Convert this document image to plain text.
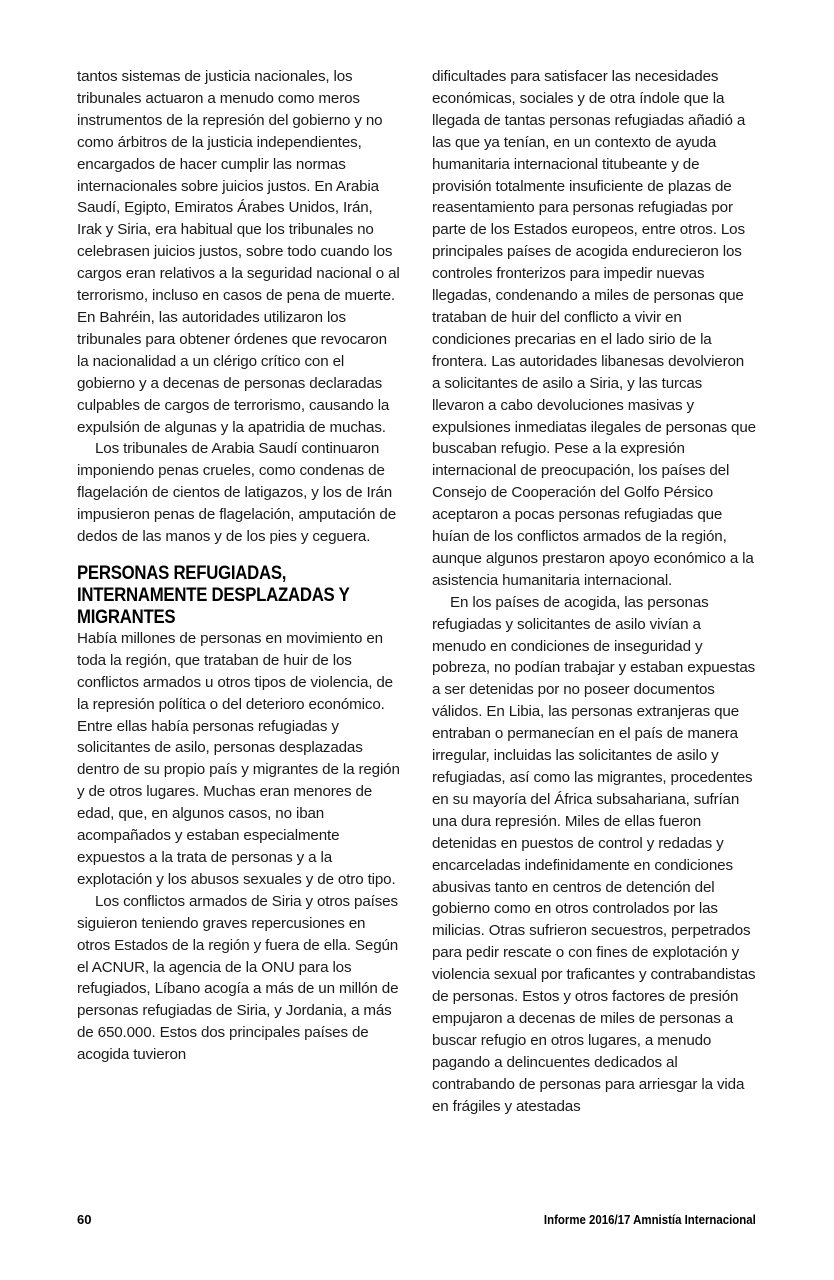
tantos sistemas de justicia nacionales, los tribunales actuaron a menudo como meros instrumentos de la represión del gobierno y no como árbitros de la justicia independientes, encargados de hacer cumplir las normas internacionales sobre juicios justos. En Arabia Saudí, Egipto, Emiratos Árabes Unidos, Irán, Irak y Siria, era habitual que los tribunales no celebrasen juicios justos, sobre todo cuando los cargos eran relativos a la seguridad nacional o al terrorismo, incluso en casos de pena de muerte. En Bahréin, las autoridades utilizaron los tribunales para obtener órdenes que revocaron la nacionalidad a un clérigo crítico con el gobierno y a decenas de personas declaradas culpables de cargos de terrorismo, causando la expulsión de algunas y la apatridia de muchas.

Los tribunales de Arabia Saudí continuaron imponiendo penas crueles, como condenas de flagelación de cientos de latigazos, y los de Irán impusieron penas de flagelación, amputación de dedos de las manos y de los pies y ceguera.

PERSONAS REFUGIADAS, INTERNAMENTE DESPLAZADAS Y MIGRANTES

Había millones de personas en movimiento en toda la región, que trataban de huir de los conflictos armados u otros tipos de violencia, de la represión política o del deterioro económico. Entre ellas había personas refugiadas y solicitantes de asilo, personas desplazadas dentro de su propio país y migrantes de la región y de otros lugares. Muchas eran menores de edad, que, en algunos casos, no iban acompañados y estaban especialmente expuestos a la trata de personas y a la explotación y los abusos sexuales y de otro tipo.

Los conflictos armados de Siria y otros países siguieron teniendo graves repercusiones en otros Estados de la región y fuera de ella. Según el ACNUR, la agencia de la ONU para los refugiados, Líbano acogía a más de un millón de personas refugiadas de Siria, y Jordania, a más de 650.000. Estos dos principales países de acogida tuvieron

dificultades para satisfacer las necesidades económicas, sociales y de otra índole que la llegada de tantas personas refugiadas añadió a las que ya tenían, en un contexto de ayuda humanitaria internacional titubeante y de provisión totalmente insuficiente de plazas de reasentamiento para personas refugiadas por parte de los Estados europeos, entre otros. Los principales países de acogida endurecieron los controles fronterizos para impedir nuevas llegadas, condenando a miles de personas que trataban de huir del conflicto a vivir en condiciones precarias en el lado sirio de la frontera. Las autoridades libanesas devolvieron a solicitantes de asilo a Siria, y las turcas llevaron a cabo devoluciones masivas y expulsiones inmediatas ilegales de personas que buscaban refugio. Pese a la expresión internacional de preocupación, los países del Consejo de Cooperación del Golfo Pérsico aceptaron a pocas personas refugiadas que huían de los conflictos armados de la región, aunque algunos prestaron apoyo económico a la asistencia humanitaria internacional.

En los países de acogida, las personas refugiadas y solicitantes de asilo vivían a menudo en condiciones de inseguridad y pobreza, no podían trabajar y estaban expuestas a ser detenidas por no poseer documentos válidos. En Libia, las personas extranjeras que entraban o permanecían en el país de manera irregular, incluidas las solicitantes de asilo y refugiadas, así como las migrantes, procedentes en su mayoría del África subsahariana, sufrían una dura represión. Miles de ellas fueron detenidas en puestos de control y redadas y encarceladas indefinidamente en condiciones abusivas tanto en centros de detención del gobierno como en otros controlados por las milicias. Otras sufrieron secuestros, perpetrados para pedir rescate o con fines de explotación y violencia sexual por traficantes y contrabandistas de personas. Estos y otros factores de presión empujaron a decenas de miles de personas a buscar refugio en otros lugares, a menudo pagando a delincuentes dedicados al contrabando de personas para arriesgar la vida en frágiles y atestadas

60	Informe 2016/17 Amnistía Internacional
